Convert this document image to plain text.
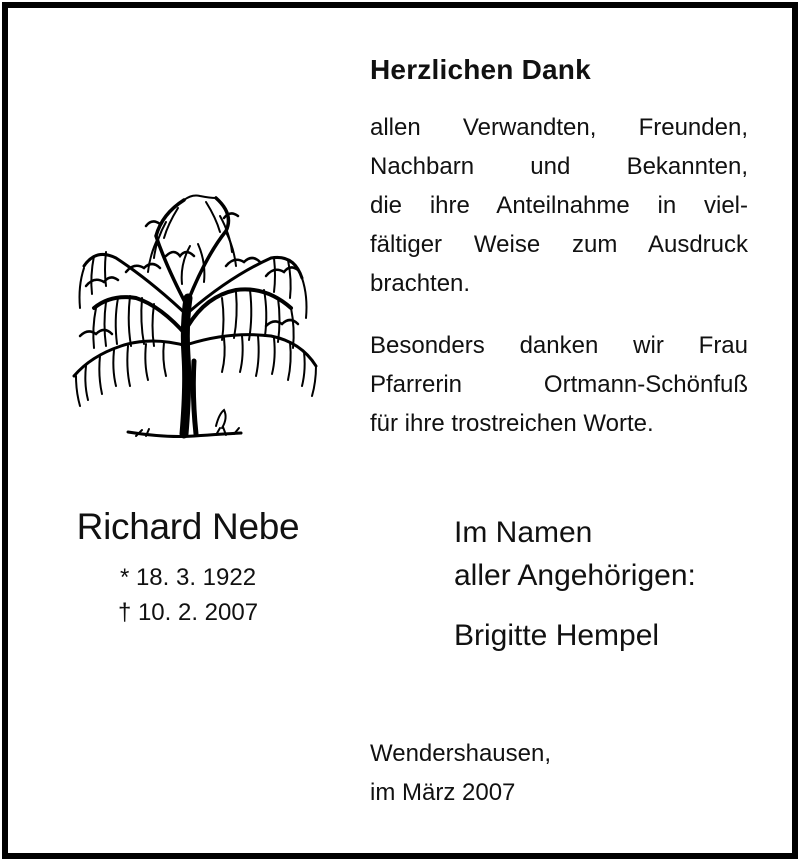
Herzlichen Dank
allen Verwandten, Freunden,
Nachbarn und Bekannten,
die ihre Anteilnahme in viel-
fältiger Weise zum Ausdruck
brachten.
Besonders danken wir Frau
Pfarrerin Ortmann-Schönfuß
für ihre trostreichen Worte.
Richard Nebe
* 18. 3. 1922
† 10. 2. 2007
Im Namen
aller Angehörigen:
Brigitte Hempel
Wendershausen,
im März 2007
